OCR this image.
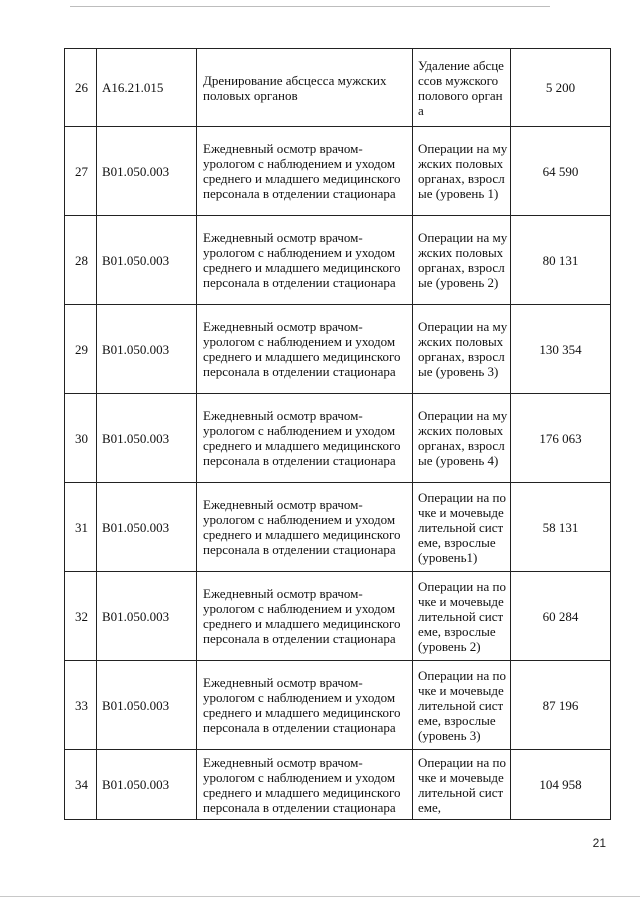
26	A16.21.015	Дренирование абсцесса мужских половых органов	Удаление абсцессов мужского полового органа	5 200
27	B01.050.003	Ежедневный осмотр врачом-урологом с наблюдением и уходом среднего и младшего медицинского персонала в отделении стационара	Операции на мужских половых органах, взрослые (уровень 1)	64 590
28	B01.050.003	Ежедневный осмотр врачом-урологом с наблюдением и уходом среднего и младшего медицинского персонала в отделении стационара	Операции на мужских половых органах, взрослые (уровень 2)	80 131
29	B01.050.003	Ежедневный осмотр врачом-урологом с наблюдением и уходом среднего и младшего медицинского персонала в отделении стационара	Операции на мужских половых органах, взрослые (уровень 3)	130 354
30	B01.050.003	Ежедневный осмотр врачом-урологом с наблюдением и уходом среднего и младшего медицинского персонала в отделении стационара	Операции на мужских половых органах, взрослые (уровень 4)	176 063
31	B01.050.003	Ежедневный осмотр врачом-урологом с наблюдением и уходом среднего и младшего медицинского персонала в отделении стационара	Операции на почке и мочевыделительной системе, взрослые (уровень1)	58 131
32	B01.050.003	Ежедневный осмотр врачом-урологом с наблюдением и уходом среднего и младшего медицинского персонала в отделении стационара	Операции на почке и мочевыделительной системе, взрослые (уровень 2)	60 284
33	B01.050.003	Ежедневный осмотр врачом-урологом с наблюдением и уходом среднего и младшего медицинского персонала в отделении стационара	Операции на почке и мочевыделительной системе, взрослые (уровень 3)	87 196
34	B01.050.003	Ежедневный осмотр врачом-урологом с наблюдением и уходом среднего и младшего медицинского персонала в отделении стационара	Операции на почке и мочевыделительной системе,	104 958
21
